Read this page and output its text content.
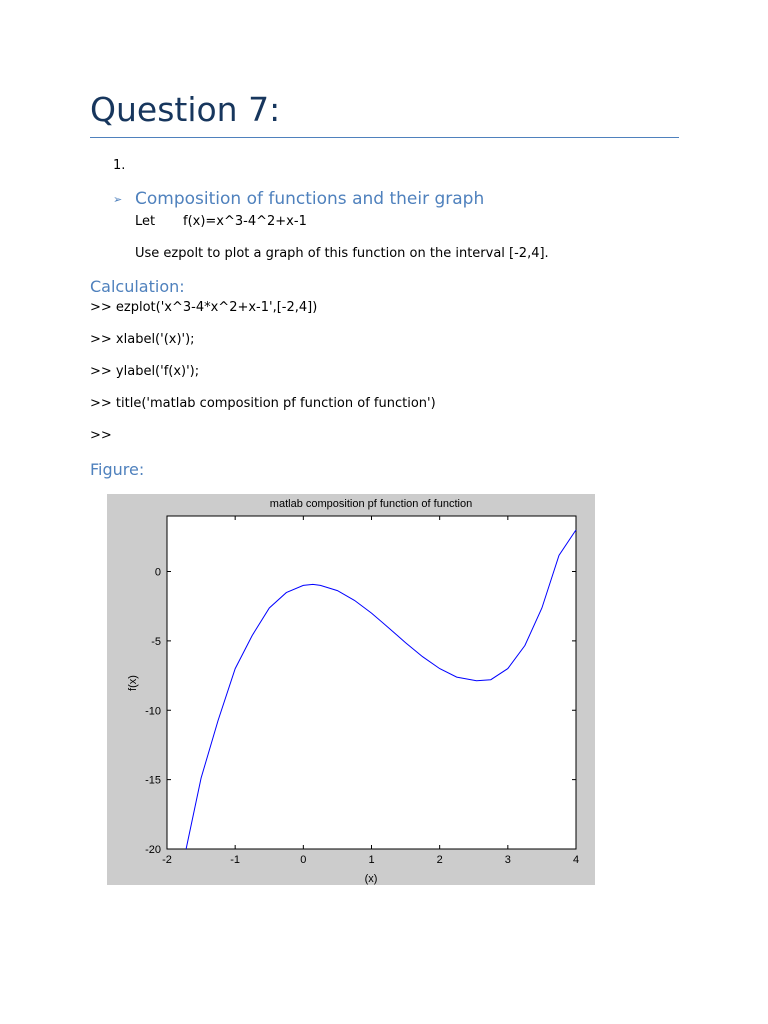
Question 7:
1.
➢ Composition of functions and their graph
Let f(x)=x^3-4^2+x-1
Use ezpolt to plot a graph of this function on the interval [-2,4].
Calculation:
>> ezplot('x^3-4*x^2+x-1',[-2,4])
>> xlabel('(x)');
>> ylabel('f(x)');
>> title('matlab composition pf function of function')
>>
Figure:
matlab composition pf function of function
(x)
f(x)
-2	-1	0	1	2	3	4
-20
-15
-10
-5
0
